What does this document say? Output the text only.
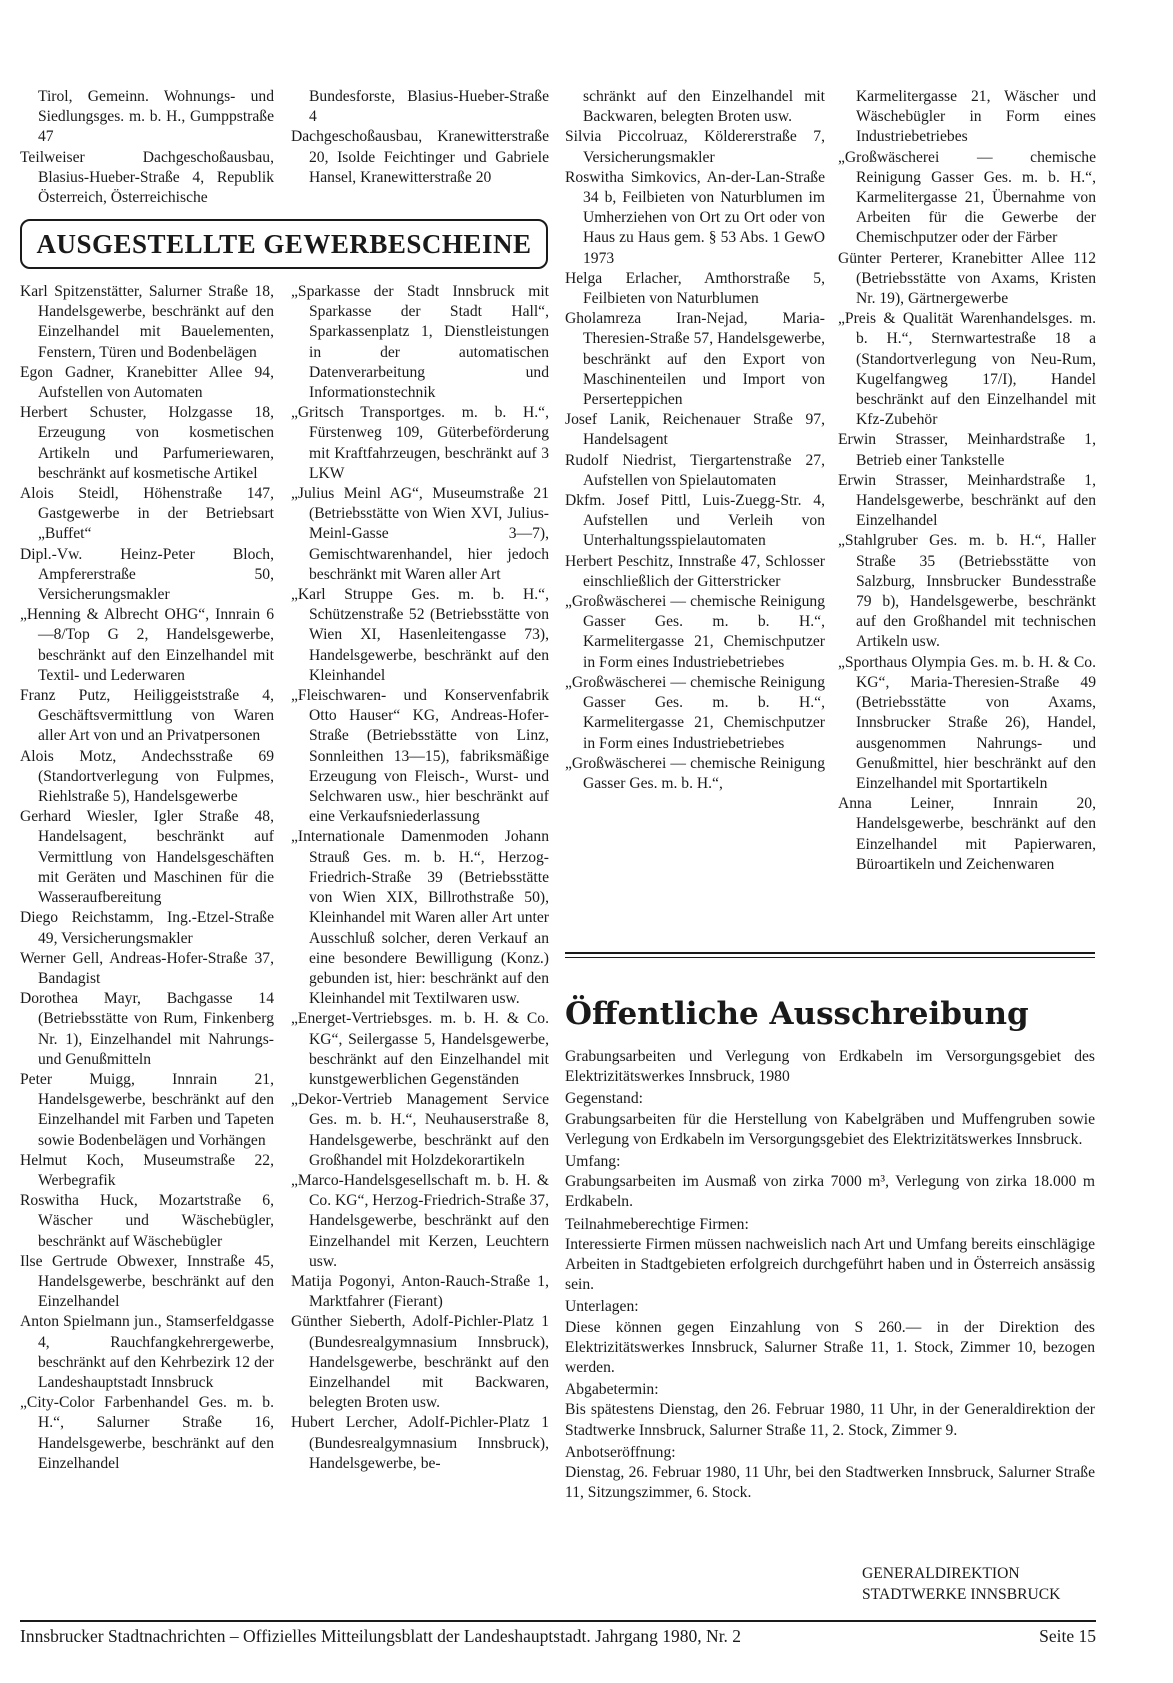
Tirol, Gemeinn. Wohnungs- und Siedlungsges. m. b. H., Gumppstraße 47
Teilweiser Dachgeschoßausbau, Blasius-Hueber-Straße 4, Republik Österreich, Österreichische
Bundesforste, Blasius-Hueber-Straße 4
Dachgeschoßausbau, Kranewitterstraße 20, Isolde Feichtinger und Gabriele Hansel, Kranewitterstraße 20
AUSGESTELLTE GEWERBESCHEINE
Karl Spitzenstätter, Salurner Straße 18, Handelsgewerbe, beschränkt auf den Einzelhandel mit Bauelementen, Fenstern, Türen und Bodenbelägen
Egon Gadner, Kranebitter Allee 94, Aufstellen von Automaten
Herbert Schuster, Holzgasse 18, Erzeugung von kosmetischen Artikeln und Parfumeriewaren, beschränkt auf kosmetische Artikel
Alois Steidl, Höhenstraße 147, Gastgewerbe in der Betriebsart „Buffet“
Dipl.-Vw. Heinz-Peter Bloch, Ampfererstraße 50, Versicherungsmakler
„Henning & Albrecht OHG“, Innrain 6—8/Top G 2, Handelsgewerbe, beschränkt auf den Einzelhandel mit Textil- und Lederwaren
Franz Putz, Heiliggeiststraße 4, Geschäftsvermittlung von Waren aller Art von und an Privatpersonen
Alois Motz, Andechsstraße 69 (Standortverlegung von Fulpmes, Riehlstraße 5), Handelsgewerbe
Gerhard Wiesler, Igler Straße 48, Handelsagent, beschränkt auf Vermittlung von Handelsgeschäften mit Geräten und Maschinen für die Wasseraufbereitung
Diego Reichstamm, Ing.-Etzel-Straße 49, Versicherungsmakler
Werner Gell, Andreas-Hofer-Straße 37, Bandagist
Dorothea Mayr, Bachgasse 14 (Betriebsstätte von Rum, Finkenberg Nr. 1), Einzelhandel mit Nahrungs- und Genußmitteln
Peter Muigg, Innrain 21, Handelsgewerbe, beschränkt auf den Einzelhandel mit Farben und Tapeten sowie Bodenbelägen und Vorhängen
Helmut Koch, Museumstraße 22, Werbegrafik
Roswitha Huck, Mozartstraße 6, Wäscher und Wäschebügler, beschränkt auf Wäschebügler
Ilse Gertrude Obwexer, Innstraße 45, Handelsgewerbe, beschränkt auf den Einzelhandel
Anton Spielmann jun., Stamserfeldgasse 4, Rauchfangkehrergewerbe, beschränkt auf den Kehrbezirk 12 der Landeshauptstadt Innsbruck
„City-Color Farbenhandel Ges. m. b. H.“, Salurner Straße 16, Handelsgewerbe, beschränkt auf den Einzelhandel
„Sparkasse der Stadt Innsbruck mit Sparkasse der Stadt Hall“, Sparkassenplatz 1, Dienstleistungen in der automatischen Datenverarbeitung und Informationstechnik
„Gritsch Transportges. m. b. H.“, Fürstenweg 109, Güterbeförderung mit Kraftfahrzeugen, beschränkt auf 3 LKW
„Julius Meinl AG“, Museumstraße 21 (Betriebsstätte von Wien XVI, Julius-Meinl-Gasse 3—7), Gemischtwarenhandel, hier jedoch beschränkt mit Waren aller Art
„Karl Struppe Ges. m. b. H.“, Schützenstraße 52 (Betriebsstätte von Wien XI, Hasenleitengasse 73), Handelsgewerbe, beschränkt auf den Kleinhandel
„Fleischwaren- und Konservenfabrik Otto Hauser“ KG, Andreas-Hofer-Straße (Betriebsstätte von Linz, Sonnleithen 13—15), fabriksmäßige Erzeugung von Fleisch-, Wurst- und Selchwaren usw., hier beschränkt auf eine Verkaufsniederlassung
„Internationale Damenmoden Johann Strauß Ges. m. b. H.“, Herzog-Friedrich-Straße 39 (Betriebsstätte von Wien XIX, Billrothstraße 50), Kleinhandel mit Waren aller Art unter Ausschluß solcher, deren Verkauf an eine besondere Bewilligung (Konz.) gebunden ist, hier: beschränkt auf den Kleinhandel mit Textilwaren usw.
„Energet-Vertriebsges. m. b. H. & Co. KG“, Seilergasse 5, Handelsgewerbe, beschränkt auf den Einzelhandel mit kunstgewerblichen Gegenständen
„Dekor-Vertrieb Management Service Ges. m. b. H.“, Neuhauserstraße 8, Handelsgewerbe, beschränkt auf den Großhandel mit Holzdekorartikeln
„Marco-Handelsgesellschaft m. b. H. & Co. KG“, Herzog-Friedrich-Straße 37, Handelsgewerbe, beschränkt auf den Einzelhandel mit Kerzen, Leuchtern usw.
Matija Pogonyi, Anton-Rauch-Straße 1, Marktfahrer (Fierant)
Günther Sieberth, Adolf-Pichler-Platz 1 (Bundesrealgymnasium Innsbruck), Handelsgewerbe, beschränkt auf den Einzelhandel mit Backwaren, belegten Broten usw.
Hubert Lercher, Adolf-Pichler-Platz 1 (Bundesrealgymnasium Innsbruck), Handelsgewerbe, be-
schränkt auf den Einzelhandel mit Backwaren, belegten Broten usw.
Silvia Piccolruaz, Köldererstraße 7, Versicherungsmakler
Roswitha Simkovics, An-der-Lan-Straße 34 b, Feilbieten von Naturblumen im Umherziehen von Ort zu Ort oder von Haus zu Haus gem. § 53 Abs. 1 GewO 1973
Helga Erlacher, Amthorstraße 5, Feilbieten von Naturblumen
Gholamreza Iran-Nejad, Maria-Theresien-Straße 57, Handelsgewerbe, beschränkt auf den Export von Maschinenteilen und Import von Perserteppichen
Josef Lanik, Reichenauer Straße 97, Handelsagent
Rudolf Niedrist, Tiergartenstraße 27, Aufstellen von Spielautomaten
Dkfm. Josef Pittl, Luis-Zuegg-Str. 4, Aufstellen und Verleih von Unterhaltungsspielautomaten
Herbert Peschitz, Innstraße 47, Schlosser einschließlich der Gitterstricker
„Großwäscherei — chemische Reinigung Gasser Ges. m. b. H.“, Karmelitergasse 21, Chemischputzer in Form eines Industriebetriebes
„Großwäscherei — chemische Reinigung Gasser Ges. m. b. H.“, Karmelitergasse 21, Chemischputzer in Form eines Industriebetriebes
„Großwäscherei — chemische Reinigung Gasser Ges. m. b. H.“,
Karmelitergasse 21, Wäscher und Wäschebügler in Form eines Industriebetriebes
„Großwäscherei — chemische Reinigung Gasser Ges. m. b. H.“, Karmelitergasse 21, Übernahme von Arbeiten für die Gewerbe der Chemischputzer oder der Färber
Günter Perterer, Kranebitter Allee 112 (Betriebsstätte von Axams, Kristen Nr. 19), Gärtnergewerbe
„Preis & Qualität Warenhandelsges. m. b. H.“, Sternwartestraße 18 a (Standortverlegung von Neu-Rum, Kugelfangweg 17/I), Handel beschränkt auf den Einzelhandel mit Kfz-Zubehör
Erwin Strasser, Meinhardstraße 1, Betrieb einer Tankstelle
Erwin Strasser, Meinhardstraße 1, Handelsgewerbe, beschränkt auf den Einzelhandel
„Stahlgruber Ges. m. b. H.“, Haller Straße 35 (Betriebsstätte von Salzburg, Innsbrucker Bundesstraße 79 b), Handelsgewerbe, beschränkt auf den Großhandel mit technischen Artikeln usw.
„Sporthaus Olympia Ges. m. b. H. & Co. KG“, Maria-Theresien-Straße 49 (Betriebsstätte von Axams, Innsbrucker Straße 26), Handel, ausgenommen Nahrungs- und Genußmittel, hier beschränkt auf den Einzelhandel mit Sportartikeln
Anna Leiner, Innrain 20, Handelsgewerbe, beschränkt auf den Einzelhandel mit Papierwaren, Büroartikeln und Zeichenwaren
Öffentliche Ausschreibung

Grabungsarbeiten und Verlegung von Erdkabeln im Versorgungsgebiet des Elektrizitätswerkes Innsbruck, 1980

Gegenstand:

Grabungsarbeiten für die Herstellung von Kabelgräben und Muffengruben sowie Verlegung von Erdkabeln im Versorgungsgebiet des Elektrizitätswerkes Innsbruck.

Umfang:

Grabungsarbeiten im Ausmaß von zirka 7000 m³, Verlegung von zirka 18.000 m Erdkabeln.

Teilnahmeberechtige Firmen:

Interessierte Firmen müssen nachweislich nach Art und Umfang bereits einschlägige Arbeiten in Stadtgebieten erfolgreich durchgeführt haben und in Österreich ansässig sein.

Unterlagen:

Diese können gegen Einzahlung von S 260.— in der Direktion des Elektrizitätswerkes Innsbruck, Salurner Straße 11, 1. Stock, Zimmer 10, bezogen werden.

Abgabetermin:

Bis spätestens Dienstag, den 26. Februar 1980, 11 Uhr, in der Generaldirektion der Stadtwerke Innsbruck, Salurner Straße 11, 2. Stock, Zimmer 9.

Anbotseröffnung:

Dienstag, 26. Februar 1980, 11 Uhr, bei den Stadtwerken Innsbruck, Salurner Straße 11, Sitzungszimmer, 6. Stock.

GENERALDIREKTION
STADTWERKE INNSBRUCK
Innsbrucker Stadtnachrichten – Offizielles Mitteilungsblatt der Landeshauptstadt. Jahrgang 1980, Nr. 2	Seite 15
